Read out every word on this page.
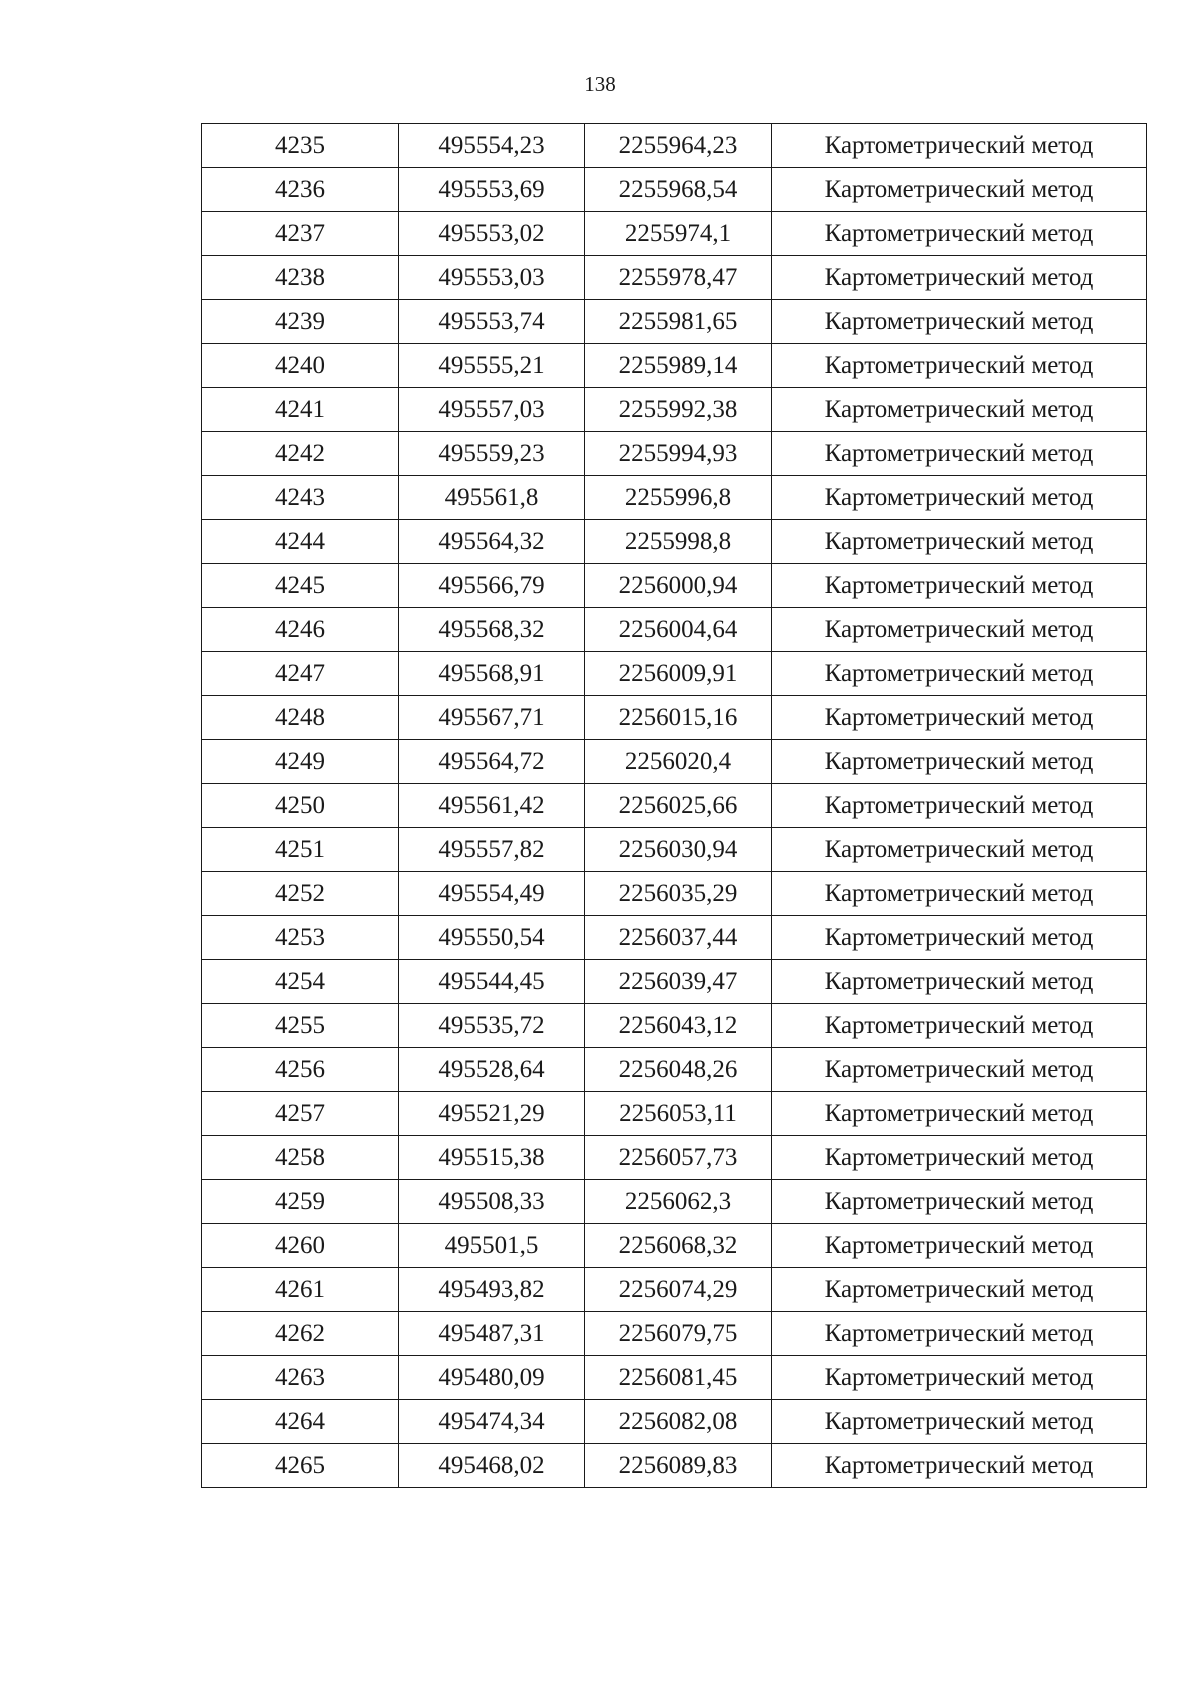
138
4235	495554,23	2255964,23	Картометрический метод
4236	495553,69	2255968,54	Картометрический метод
4237	495553,02	2255974,1	Картометрический метод
4238	495553,03	2255978,47	Картометрический метод
4239	495553,74	2255981,65	Картометрический метод
4240	495555,21	2255989,14	Картометрический метод
4241	495557,03	2255992,38	Картометрический метод
4242	495559,23	2255994,93	Картометрический метод
4243	495561,8	2255996,8	Картометрический метод
4244	495564,32	2255998,8	Картометрический метод
4245	495566,79	2256000,94	Картометрический метод
4246	495568,32	2256004,64	Картометрический метод
4247	495568,91	2256009,91	Картометрический метод
4248	495567,71	2256015,16	Картометрический метод
4249	495564,72	2256020,4	Картометрический метод
4250	495561,42	2256025,66	Картометрический метод
4251	495557,82	2256030,94	Картометрический метод
4252	495554,49	2256035,29	Картометрический метод
4253	495550,54	2256037,44	Картометрический метод
4254	495544,45	2256039,47	Картометрический метод
4255	495535,72	2256043,12	Картометрический метод
4256	495528,64	2256048,26	Картометрический метод
4257	495521,29	2256053,11	Картометрический метод
4258	495515,38	2256057,73	Картометрический метод
4259	495508,33	2256062,3	Картометрический метод
4260	495501,5	2256068,32	Картометрический метод
4261	495493,82	2256074,29	Картометрический метод
4262	495487,31	2256079,75	Картометрический метод
4263	495480,09	2256081,45	Картометрический метод
4264	495474,34	2256082,08	Картометрический метод
4265	495468,02	2256089,83	Картометрический метод
